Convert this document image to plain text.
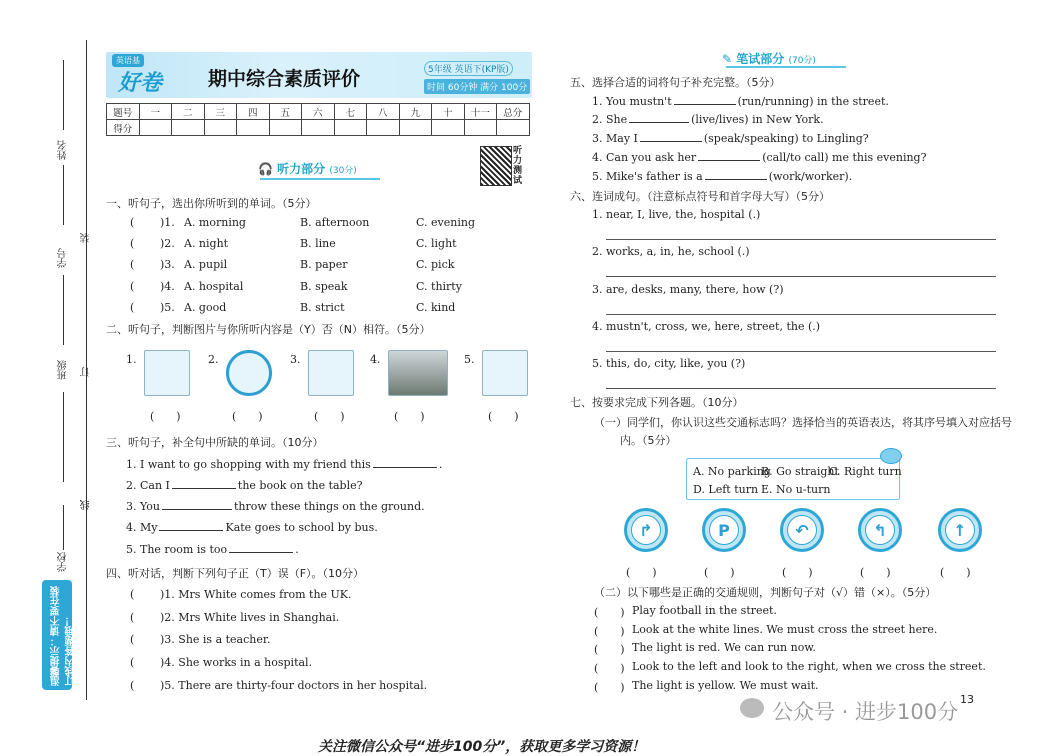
姓名
装
学号
班级 订
线
学校
温馨提示：请不要在装订线内答题哦！
英语基
好卷 期中综合素质评价	5年级 英语下(KP版)
时间 60分钟 满分 100分
题号	一	二	三	四	五	六	七	八	九	十	十一	总分
得分												
🎧 听力部分 (30分)
听力测试
一、听句子，选出你所听到的单词。（5分）
二、听句子，判断图片与你所听内容是（Y）否（N）相符。（5分）
三、听句子，补全句中所缺的单词。（10分）
四、听对话，判断下列句子正（T）误（F）。（10分）
✎ 笔试部分 (70分)
五、选择合适的词将句子补充完整。（5分）
六、连词成句。（注意标点符号和首字母大写）（5分）
七、按要求完成下列各题。（10分）
（一）同学们，你认识这些交通标志吗？选择恰当的英语表达，将其序号填入对应括号
内。（5分）
A. No parking
B. Go straight
C. Right turn
D. Left turn E. No u-turn
（二）以下哪些是正确的交通规则，判断句子对（√）错（×）。（5分）
13
公众号 · 进步100分
关注微信公众号“进步100分”，获取更多学习资源！
( )1. A. morning	B. afternoon	C. evening
( )2. A. night	B. line	C. light
( )3. A. pupil	B. paper	C. pick
( )4. A. hospital	B. speak	C. thirty
( )5. A. good	B. strict	C. kind
1.
(　　)
2.
(　　)
3.
(　　)
4.
(　　)
5.
(　　)
1. I want to go shopping with my friend this	.
2. Can I	the book on the table?
3. You	throw these things on the ground.
4. My	Kate goes to school by bus.
5. The room is too	.
( )1. Mrs White comes from the UK.
( )2. Mrs White lives in Shanghai.
( )3. She is a teacher.
( )4. She works in a hospital.
( )5. There are thirty-four doctors in her hospital.
1. You mustn't	(run/running) in the street.
2. She	(live/lives) in New York.
3. May I	(speak/speaking) to Lingling?
4. Can you ask her	(call/to call) me this evening?
5. Mike's father is a	(work/worker).
1. near, I, live, the, hospital (.)
2. works, a, in, he, school (.)
3. are, desks, many, there, how (?)
4. mustn't, cross, we, here, street, the (.)
5. this, do, city, like, you (?)
↱
(　　)
P
(　　)
↶
(　　)
↰
(　　)
↑
(　　)
(　　) Play football in the street.
(　　) Look at the white lines. We must cross the street here.
(　　) The light is red. We can run now.
(　　) Look to the left and look to the right, when we cross the street.
(　　) The light is yellow. We must wait.
